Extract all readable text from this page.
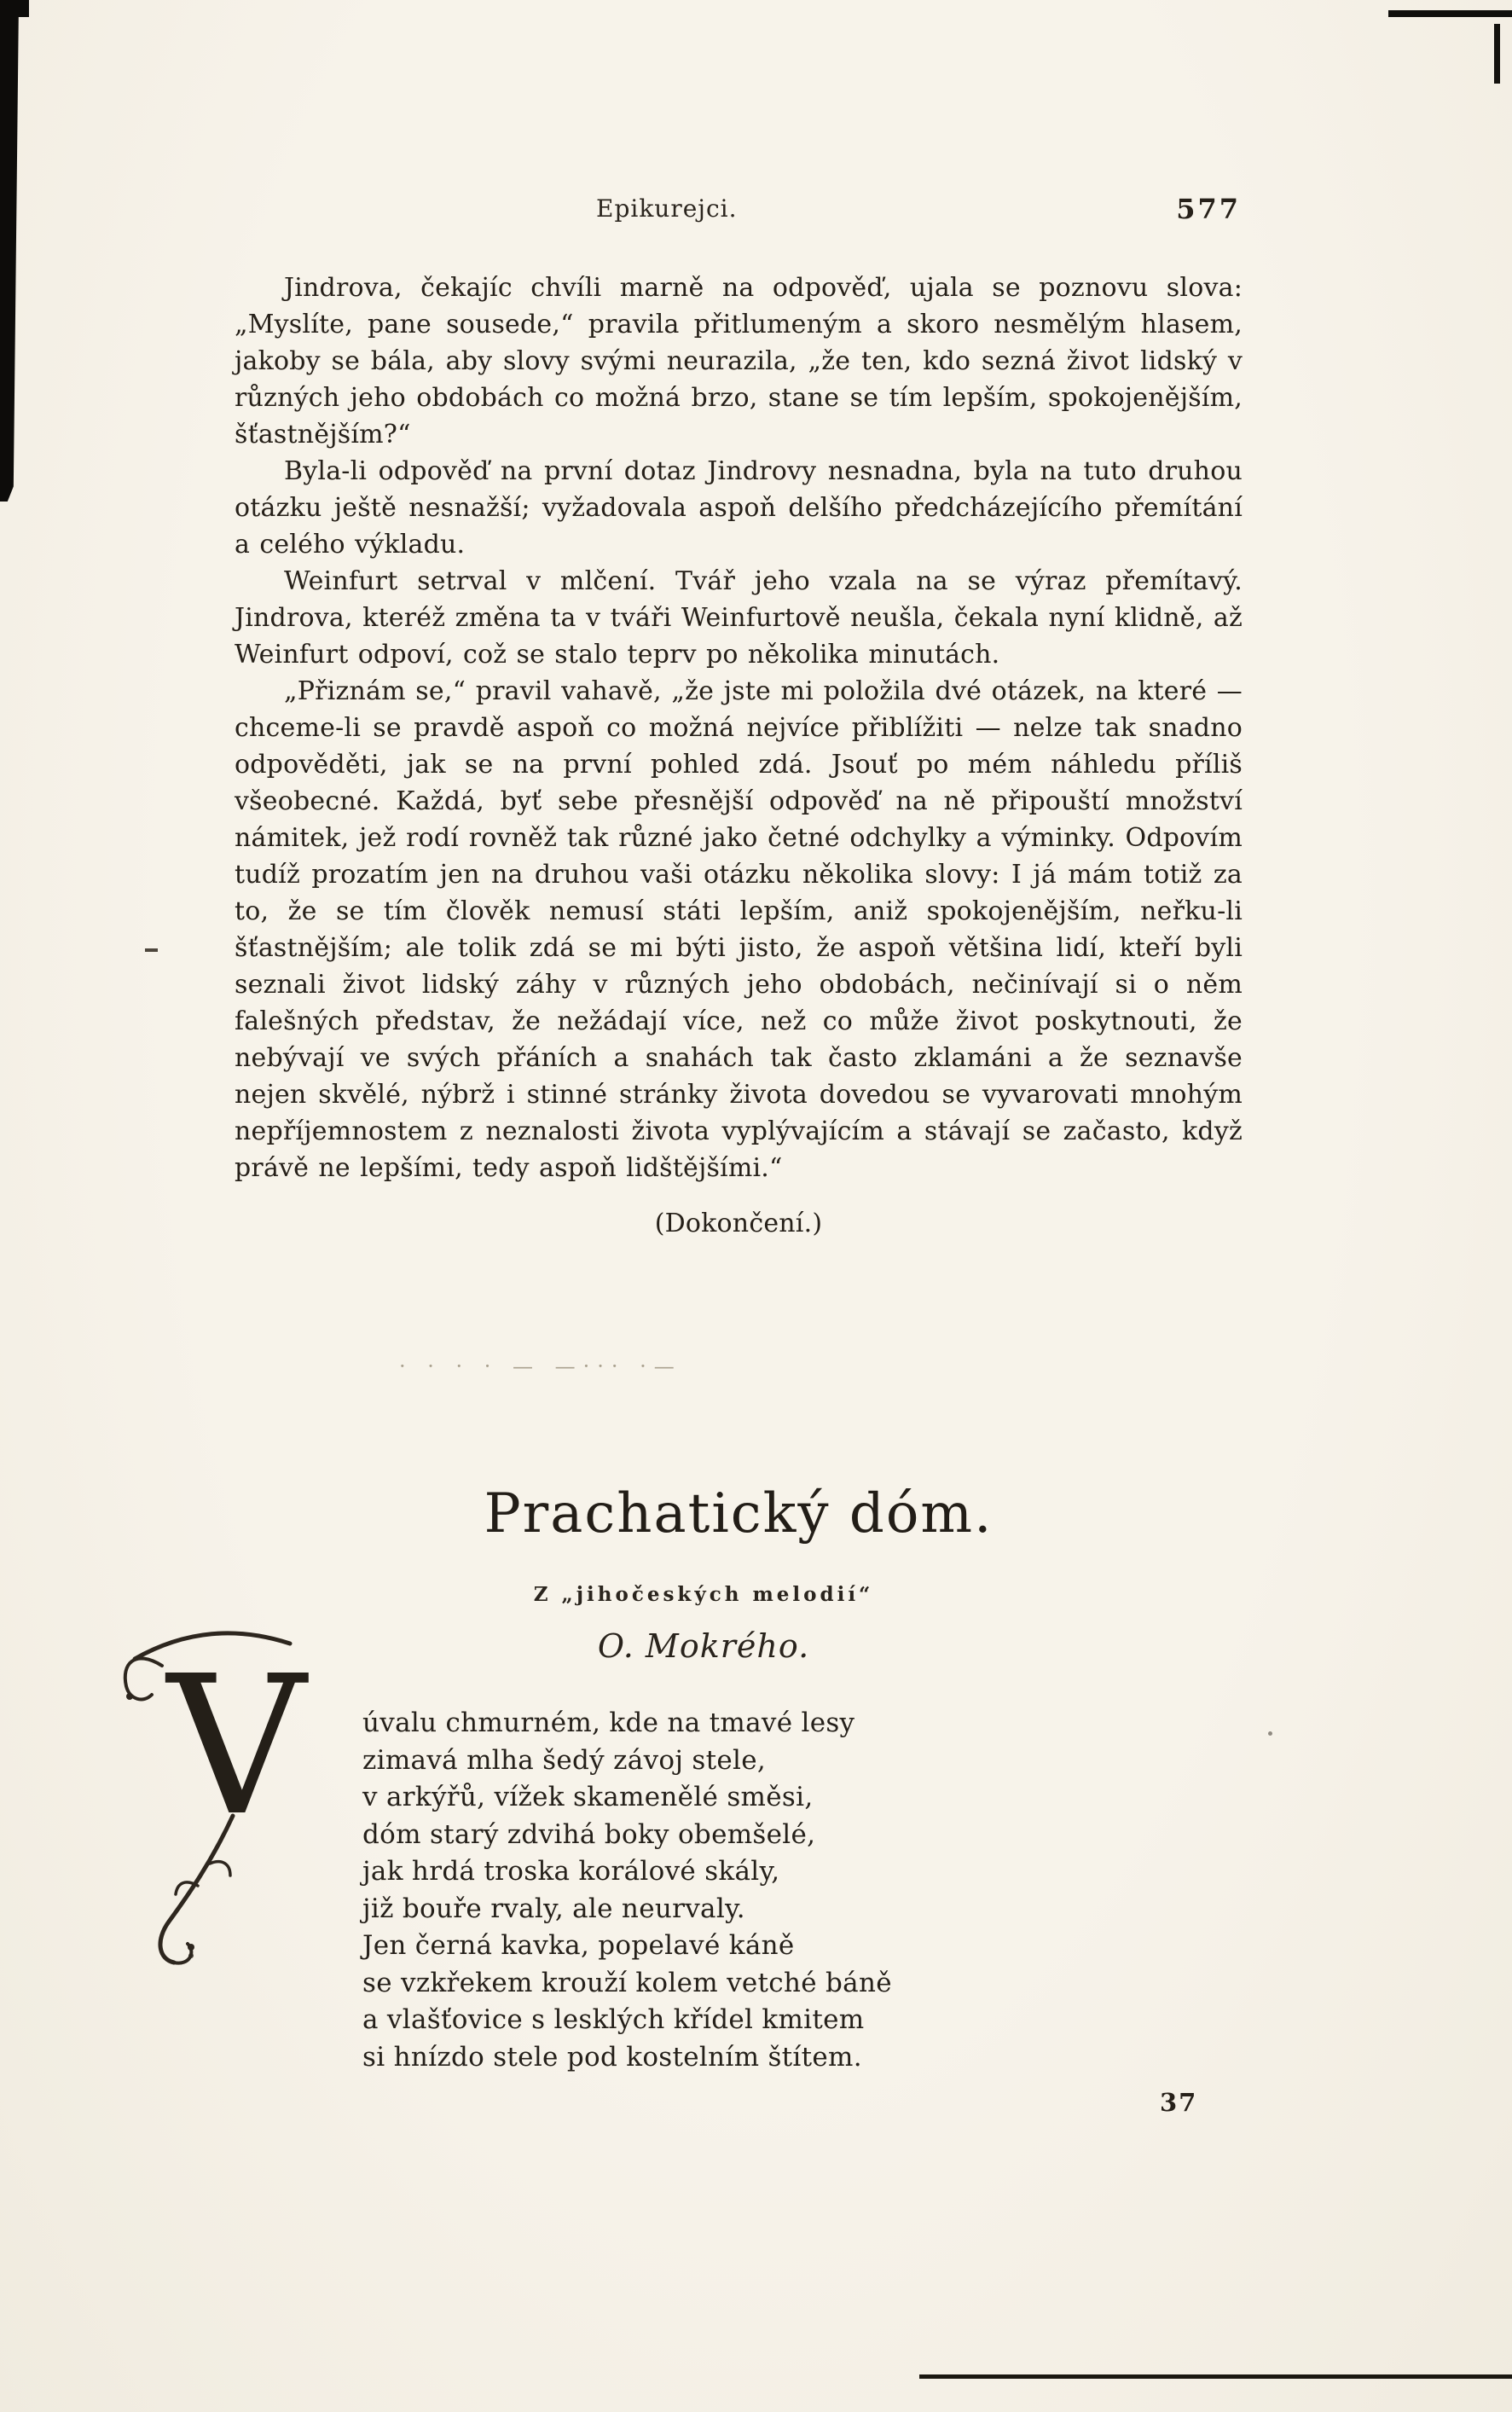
Epikurejci.	577

Jindrova, čekajíc chvíli marně na odpověď, ujala se poznovu slova: „Myslíte, pane sousede,“ pravila přitlumeným a skoro nesmělým hlasem, jakoby se bála, aby slovy svými neurazila, „že ten, kdo sezná život lidský v různých jeho obdobách co možná brzo, stane se tím lepším, spokojenějším, šťastnějším?“

Byla-li odpověď na první dotaz Jindrovy nesnadna, byla na tuto druhou otázku ještě nesnažší; vyžadovala aspoň delšího předcházejícího přemítání a celého výkladu.

Weinfurt setrval v mlčení. Tvář jeho vzala na se výraz přemítavý. Jindrova, kteréž změna ta v tváři Weinfurtově neušla, čekala nyní klidně, až Weinfurt odpoví, což se stalo teprv po několika minutách.

„Přiznám se,“ pravil vahavě, „že jste mi položila dvé otázek, na které — chceme-li se pravdě aspoň co možná nejvíce přiblížiti — nelze tak snadno odpověděti, jak se na první pohled zdá. Jsouť po mém náhledu příliš všeobecné. Každá, byť sebe přesnější odpověď na ně připouští množství námitek, jež rodí rovněž tak různé jako četné odchylky a výminky. Odpovím tudíž prozatím jen na druhou vaši otázku několika slovy: I já mám totiž za to, že se tím člověk nemusí státi lepším, aniž spokojenějším, neřku-li šťastnějším; ale tolik zdá se mi býti jisto, že aspoň většina lidí, kteří byli seznali život lidský záhy v různých jeho obdobách, nečinívají si o něm falešných představ, že nežádají více, než co může život poskytnouti, že nebývají ve svých přáních a snahách tak často zklamáni a že seznavše nejen skvělé, nýbrž i stinné stránky života dovedou se vyvarovati mnohým nepříjemnostem z neznalosti života vyplývajícím a stávají se začasto, když právě ne lepšími, tedy aspoň lidštějšími.“

(Dokončení.)

· · · · — —··· ·—
Prachatický dóm.
Z „jihočeských melodií“
O. Mokrého.
V úvalu chmurném, kde na tmavé lesy
zimavá mlha šedý závoj stele,
v arkýřů, vížek skamenělé směsi,
dóm starý zdvihá boky obemšelé,
jak hrdá troska korálové skály,
již bouře rvaly, ale neurvaly.
Jen černá kavka, popelavé káně
se vzkřekem krouží kolem vetché báně
a vlašťovice s lesklých křídel kmitem
si hnízdo stele pod kostelním štítem.
37
